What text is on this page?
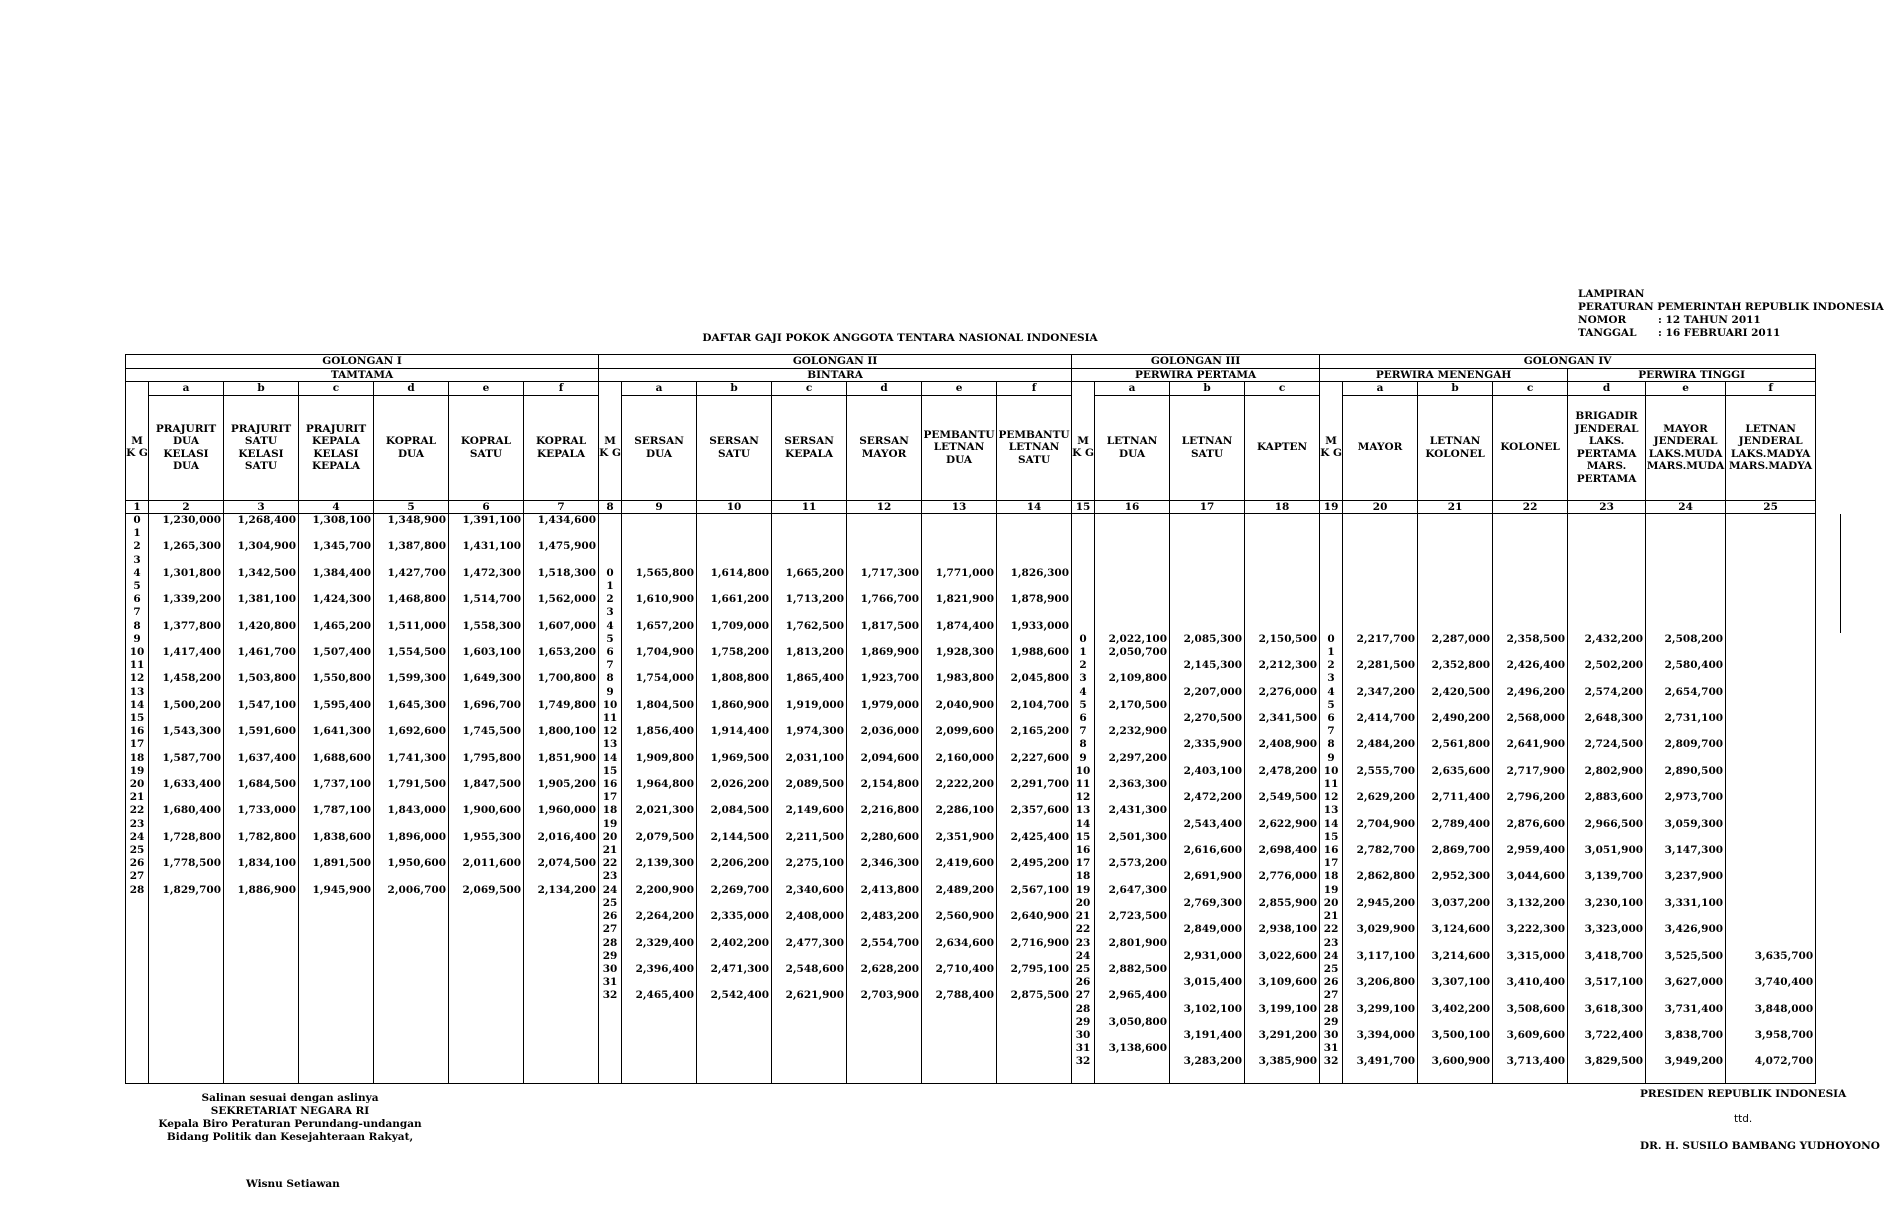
LAMPIRAN
PERATURAN PEMERINTAH REPUBLIK INDONESIA
NOMOR	: 12 TAHUN 2011
TANGGAL	: 16 FEBRUARI 2011
DAFTAR GAJI POKOK ANGGOTA TENTARA NASIONAL INDONESIA
GOLONGAN I							GOLONGAN II							GOLONGAN III				GOLONGAN IV							
TAMTAMA							BINTARA							PERWIRA PERTAMA				PERWIRA MENENGAH				PERWIRA TINGGI			
	a	b	c	d	e	f		a	b	c	d	e	f		a	b	c		a	b	c	d	e	f	
M K G	PRAJURIT DUA KELASI DUA	PRAJURIT SATU KELASI SATU	PRAJURIT KEPALA KELASI KEPALA	KOPRAL DUA	KOPRAL SATU	KOPRAL KEPALA	M K G	SERSAN DUA	SERSAN SATU	SERSAN KEPALA	SERSAN MAYOR	PEMBANTU LETNAN DUA	PEMBANTU LETNAN SATU	M K G	LETNAN DUA	LETNAN SATU	KAPTEN	M K G	MAYOR	LETNAN KOLONEL	KOLONEL	BRIGADIR JENDERAL LAKS. PERTAMA MARS. PERTAMA	MAYOR JENDERAL LAKS.MUDA MARS.MUDA	LETNAN JENDERAL LAKS.MADYA MARS.MADYA	
1	2	3	4	5	6	7	8	9	10	11	12	13	14	15	16	17	18	19	20	21	22	23	24	25	
0	1,230,000	1,268,400	1,308,100	1,348,900	1,391,100	1,434,600																			
1																									
2	1,265,300	1,304,900	1,345,700	1,387,800	1,431,100	1,475,900																			
3																									
4	1,301,800	1,342,500	1,384,400	1,427,700	1,472,300	1,518,300	0	1,565,800	1,614,800	1,665,200	1,717,300	1,771,000	1,826,300												
5							1																		
6	1,339,200	1,381,100	1,424,300	1,468,800	1,514,700	1,562,000	2	1,610,900	1,661,200	1,713,200	1,766,700	1,821,900	1,878,900												
7							3																		
8	1,377,800	1,420,800	1,465,200	1,511,000	1,558,300	1,607,000	4	1,657,200	1,709,000	1,762,500	1,817,500	1,874,400	1,933,000												
9							5							0	2,022,100	2,085,300	2,150,500	0	2,217,700	2,287,000	2,358,500	2,432,200	2,508,200		
10	1,417,400	1,461,700	1,507,400	1,554,500	1,603,100	1,653,200	6	1,704,900	1,758,200	1,813,200	1,869,900	1,928,300	1,988,600	1	2,050,700			1							
11							7							2		2,145,300	2,212,300	2	2,281,500	2,352,800	2,426,400	2,502,200	2,580,400		
12	1,458,200	1,503,800	1,550,800	1,599,300	1,649,300	1,700,800	8	1,754,000	1,808,800	1,865,400	1,923,700	1,983,800	2,045,800	3	2,109,800			3							
13							9							4		2,207,000	2,276,000	4	2,347,200	2,420,500	2,496,200	2,574,200	2,654,700		
14	1,500,200	1,547,100	1,595,400	1,645,300	1,696,700	1,749,800	10	1,804,500	1,860,900	1,919,000	1,979,000	2,040,900	2,104,700	5	2,170,500			5							
15							11							6		2,270,500	2,341,500	6	2,414,700	2,490,200	2,568,000	2,648,300	2,731,100		
16	1,543,300	1,591,600	1,641,300	1,692,600	1,745,500	1,800,100	12	1,856,400	1,914,400	1,974,300	2,036,000	2,099,600	2,165,200	7	2,232,900			7							
17							13							8		2,335,900	2,408,900	8	2,484,200	2,561,800	2,641,900	2,724,500	2,809,700		
18	1,587,700	1,637,400	1,688,600	1,741,300	1,795,800	1,851,900	14	1,909,800	1,969,500	2,031,100	2,094,600	2,160,000	2,227,600	9	2,297,200			9							
19							15							10		2,403,100	2,478,200	10	2,555,700	2,635,600	2,717,900	2,802,900	2,890,500		
20	1,633,400	1,684,500	1,737,100	1,791,500	1,847,500	1,905,200	16	1,964,800	2,026,200	2,089,500	2,154,800	2,222,200	2,291,700	11	2,363,300			11							
21							17							12		2,472,200	2,549,500	12	2,629,200	2,711,400	2,796,200	2,883,600	2,973,700		
22	1,680,400	1,733,000	1,787,100	1,843,000	1,900,600	1,960,000	18	2,021,300	2,084,500	2,149,600	2,216,800	2,286,100	2,357,600	13	2,431,300			13							
23							19							14		2,543,400	2,622,900	14	2,704,900	2,789,400	2,876,600	2,966,500	3,059,300		
24	1,728,800	1,782,800	1,838,600	1,896,000	1,955,300	2,016,400	20	2,079,500	2,144,500	2,211,500	2,280,600	2,351,900	2,425,400	15	2,501,300			15							
25							21							16		2,616,600	2,698,400	16	2,782,700	2,869,700	2,959,400	3,051,900	3,147,300		
26	1,778,500	1,834,100	1,891,500	1,950,600	2,011,600	2,074,500	22	2,139,300	2,206,200	2,275,100	2,346,300	2,419,600	2,495,200	17	2,573,200			17							
27							23							18		2,691,900	2,776,000	18	2,862,800	2,952,300	3,044,600	3,139,700	3,237,900		
28	1,829,700	1,886,900	1,945,900	2,006,700	2,069,500	2,134,200	24	2,200,900	2,269,700	2,340,600	2,413,800	2,489,200	2,567,100	19	2,647,300			19							
							25							20		2,769,300	2,855,900	20	2,945,200	3,037,200	3,132,200	3,230,100	3,331,100		
							26	2,264,200	2,335,000	2,408,000	2,483,200	2,560,900	2,640,900	21	2,723,500			21							
							27							22		2,849,000	2,938,100	22	3,029,900	3,124,600	3,222,300	3,323,000	3,426,900		
							28	2,329,400	2,402,200	2,477,300	2,554,700	2,634,600	2,716,900	23	2,801,900			23							
							29							24		2,931,000	3,022,600	24	3,117,100	3,214,600	3,315,000	3,418,700	3,525,500	3,635,700	
							30	2,396,400	2,471,300	2,548,600	2,628,200	2,710,400	2,795,100	25	2,882,500			25							
							31							26		3,015,400	3,109,600	26	3,206,800	3,307,100	3,410,400	3,517,100	3,627,000	3,740,400	
							32	2,465,400	2,542,400	2,621,900	2,703,900	2,788,400	2,875,500	27	2,965,400			27							
														28		3,102,100	3,199,100	28	3,299,100	3,402,200	3,508,600	3,618,300	3,731,400	3,848,000	
														29	3,050,800			29							
														30		3,191,400	3,291,200	30	3,394,000	3,500,100	3,609,600	3,722,400	3,838,700	3,958,700	
														31	3,138,600			31							
														32		3,283,200	3,385,900	32	3,491,700	3,600,900	3,713,400	3,829,500	3,949,200	4,072,700	

Salinan sesuai dengan aslinya
SEKRETARIAT NEGARA RI
Kepala Biro Peraturan Perundang-undangan
Bidang Politik dan Kesejahteraan Rakyat,
Wisnu Setiawan
PRESIDEN REPUBLIK INDONESIA
ttd.
DR. H. SUSILO BAMBANG YUDHOYONO
